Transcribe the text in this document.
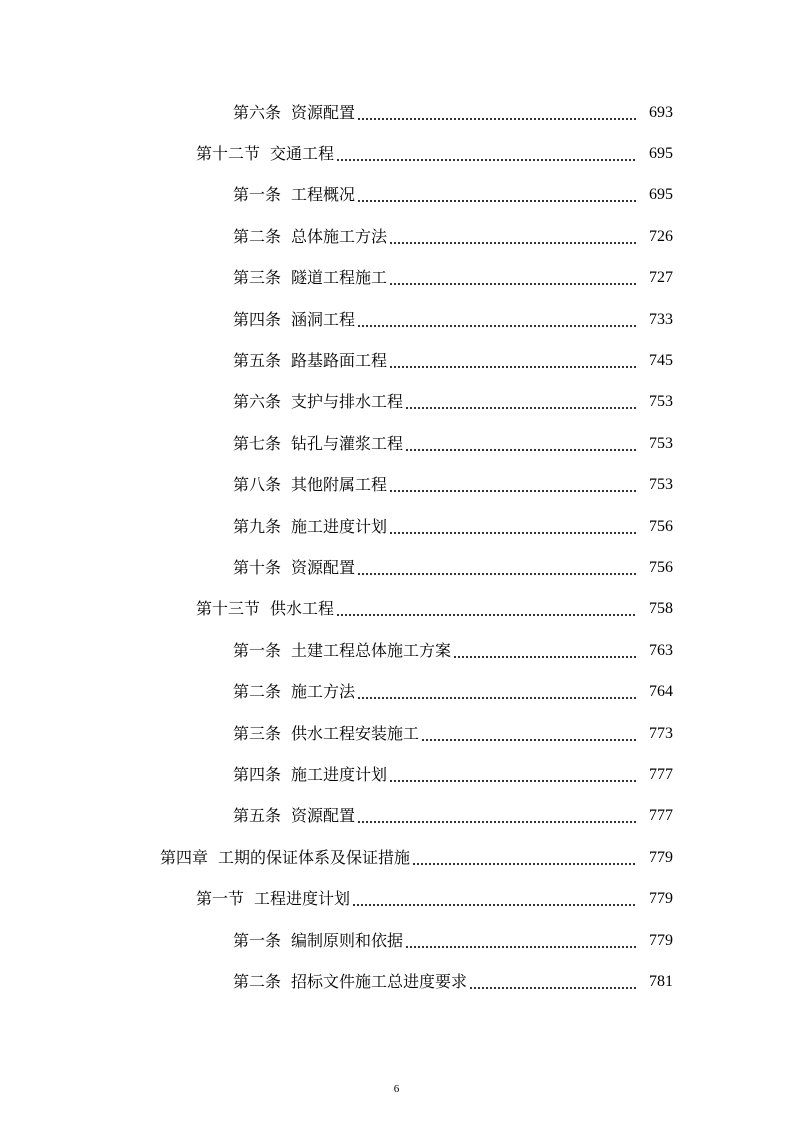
第六条 资源配置	693
第十二节 交通工程	695
第一条 工程概况	695
第二条 总体施工方法	726
第三条 隧道工程施工	727
第四条 涵洞工程	733
第五条 路基路面工程	745
第六条 支护与排水工程	753
第七条 钻孔与灌浆工程	753
第八条 其他附属工程	753
第九条 施工进度计划	756
第十条 资源配置	756
第十三节 供水工程	758
第一条 土建工程总体施工方案	763
第二条 施工方法	764
第三条 供水工程安装施工	773
第四条 施工进度计划	777
第五条 资源配置	777
第四章 工期的保证体系及保证措施	779
第一节 工程进度计划	779
第一条 编制原则和依据	779
第二条 招标文件施工总进度要求	781
6
